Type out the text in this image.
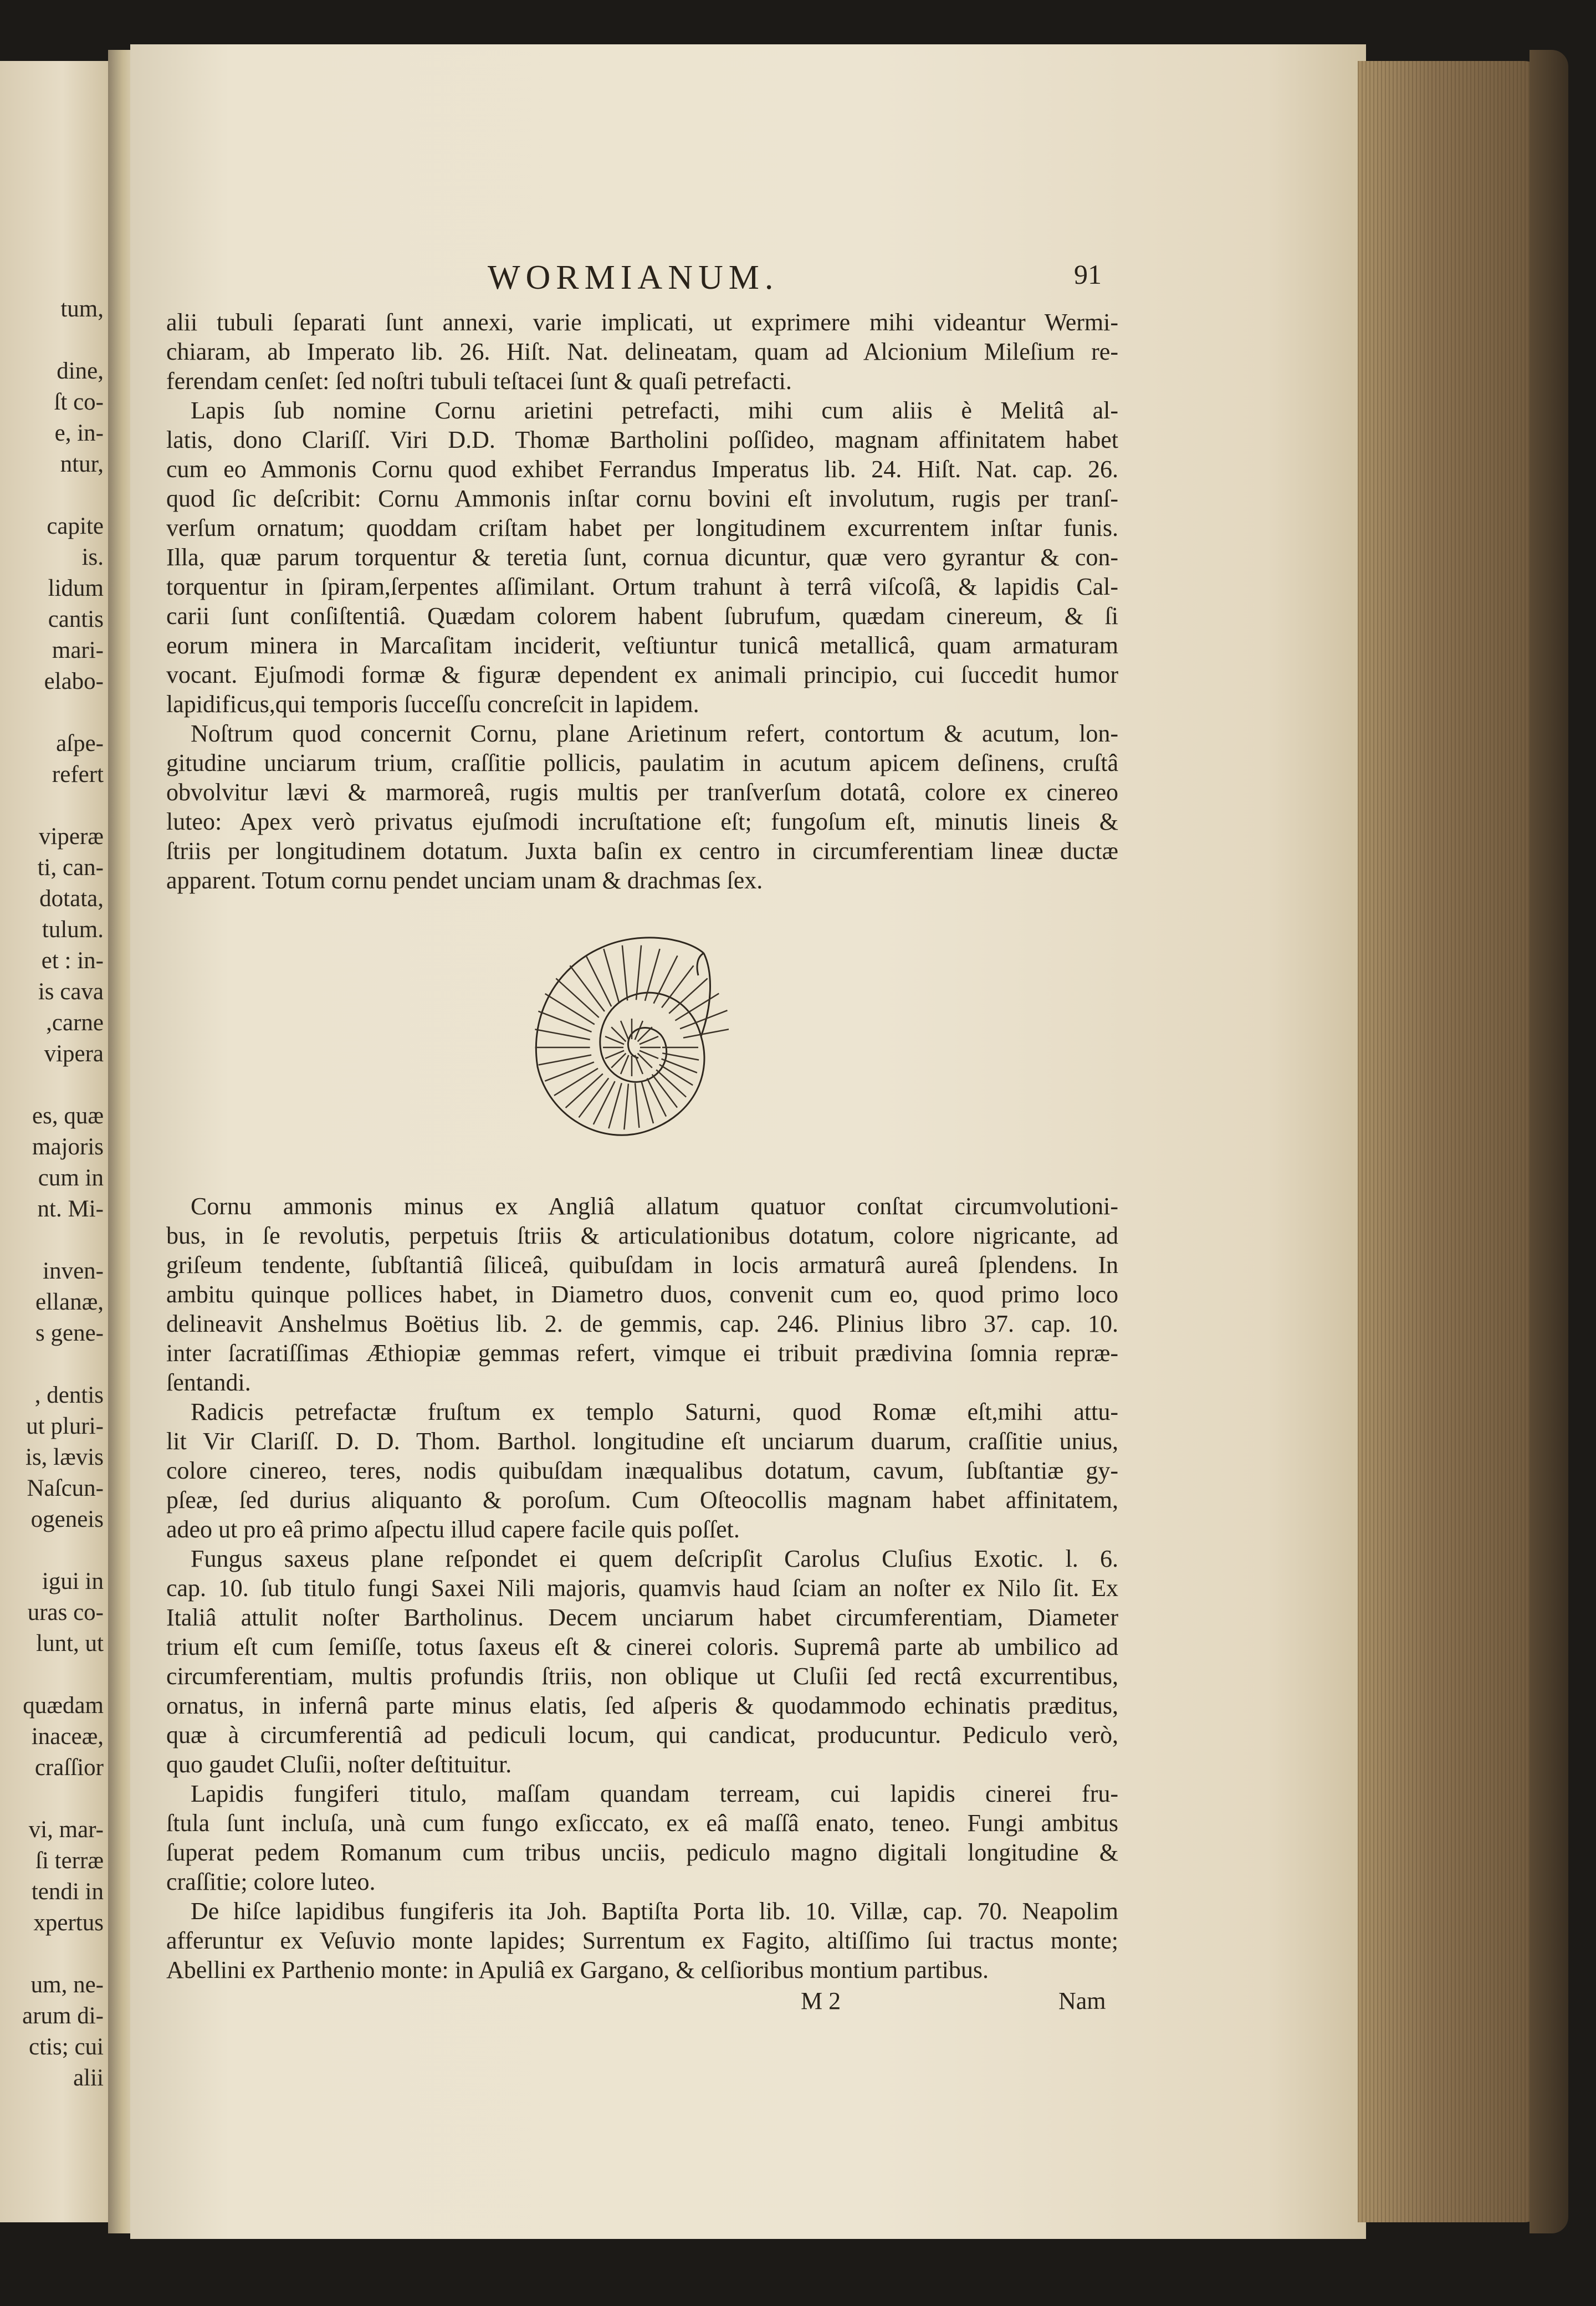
tum,
dine,
ſt co-
e, in-
ntur,
capite
is.
lidum
cantis
mari-
elabo-
aſpe-
refert
viperæ
ti, can-
dotata,
tulum.
et : in-
is cava
,carne
vipera
es, quæ
majoris
cum in
nt. Mi-
inven-
ellanæ,
s gene-
, dentis
ut pluri-
is, lævis
Naſcun-
ogeneis
igui in
uras co-
lunt, ut
quædam
inaceæ,
craſſior
vi, mar-
ſi terræ
tendi in
xpertus
um, ne-
arum di-
ctis; cui
alii
WORMIANUM.	91
alii tubuli ſeparati ſunt annexi, varie implicati, ut exprimere mihi videantur Wermi-
chiaram, ab Imperato lib. 26. Hiſt. Nat. delineatam, quam ad Alcionium Mileſium re-
ferendam cenſet: ſed noſtri tubuli teſtacei ſunt & quaſi petrefacti.
Lapis ſub nomine Cornu arietini petrefacti, mihi cum aliis è Melitâ al-
latis, dono Clariſſ. Viri D.D. Thomæ Bartholini poſſideo, magnam affinitatem habet
cum eo Ammonis Cornu quod exhibet Ferrandus Imperatus lib. 24. Hiſt. Nat. cap. 26.
quod ſic deſcribit: Cornu Ammonis inſtar cornu bovini eſt involutum, rugis per tranſ-
verſum ornatum; quoddam criſtam habet per longitudinem excurrentem inſtar funis.
Illa, quæ parum torquentur & teretia ſunt, cornua dicuntur, quæ vero gyrantur & con-
torquentur in ſpiram,ſerpentes aſſimilant. Ortum trahunt à terrâ viſcoſâ, & lapidis Cal-
carii ſunt conſiſtentiâ. Quædam colorem habent ſubrufum, quædam cinereum, & ſi
eorum minera in Marcaſitam inciderit, veſtiuntur tunicâ metallicâ, quam armaturam
vocant. Ejuſmodi formæ & figuræ dependent ex animali principio, cui ſuccedit humor
lapidificus,qui temporis ſucceſſu concreſcit in lapidem.
Noſtrum quod concernit Cornu, plane Arietinum refert, contortum & acutum, lon-
gitudine unciarum trium, craſſitie pollicis, paulatim in acutum apicem deſinens, cruſtâ
obvolvitur lævi & marmoreâ, rugis multis per tranſverſum dotatâ, colore ex cinereo
luteo: Apex verò privatus ejuſmodi incruſtatione eſt; fungoſum eſt, minutis lineis &
ſtriis per longitudinem dotatum. Juxta baſin ex centro in circumferentiam lineæ ductæ
apparent. Totum cornu pendet unciam unam & drachmas ſex.
Cornu ammonis minus ex Angliâ allatum quatuor conſtat circumvolutioni-
bus, in ſe revolutis, perpetuis ſtriis & articulationibus dotatum, colore nigricante, ad
griſeum tendente, ſubſtantiâ ſiliceâ, quibuſdam in locis armaturâ aureâ ſplendens. In
ambitu quinque pollices habet, in Diametro duos, convenit cum eo, quod primo loco
delineavit Anshelmus Boëtius lib. 2. de gemmis, cap. 246. Plinius libro 37. cap. 10.
inter ſacratiſſimas Æthiopiæ gemmas refert, vimque ei tribuit prædivina ſomnia repræ-
ſentandi.
Radicis petrefactæ fruſtum ex templo Saturni, quod Romæ eſt,mihi attu-
lit Vir Clariſſ. D. D. Thom. Barthol. longitudine eſt unciarum duarum, craſſitie unius,
colore cinereo, teres, nodis quibuſdam inæqualibus dotatum, cavum, ſubſtantiæ gy-
pſeæ, ſed durius aliquanto & poroſum. Cum Oſteocollis magnam habet affinitatem,
adeo ut pro eâ primo aſpectu illud capere facile quis poſſet.
Fungus saxeus plane reſpondet ei quem deſcripſit Carolus Cluſius Exotic. l. 6.
cap. 10. ſub titulo fungi Saxei Nili majoris, quamvis haud ſciam an noſter ex Nilo ſit. Ex
Italiâ attulit noſter Bartholinus. Decem unciarum habet circumferentiam, Diameter
trium eſt cum ſemiſſe, totus ſaxeus eſt & cinerei coloris. Supremâ parte ab umbilico ad
circumferentiam, multis profundis ſtriis, non oblique ut Cluſii ſed rectâ excurrentibus,
ornatus, in infernâ parte minus elatis, ſed aſperis & quodammodo echinatis præditus,
quæ à circumferentiâ ad pediculi locum, qui candicat, producuntur. Pediculo verò,
quo gaudet Cluſii, noſter deſtituitur.
Lapidis fungiferi titulo, maſſam quandam terream, cui lapidis cinerei fru-
ſtula ſunt incluſa, unà cum fungo exſiccato, ex eâ maſſâ enato, teneo. Fungi ambitus
ſuperat pedem Romanum cum tribus unciis, pediculo magno digitali longitudine &
craſſitie; colore luteo.
De hiſce lapidibus fungiferis ita Joh. Baptiſta Porta lib. 10. Villæ, cap. 70. Neapolim
afferuntur ex Veſuvio monte lapides; Surrentum ex Fagito, altiſſimo ſui tractus monte;
Abellini ex Parthenio monte: in Apuliâ ex Gargano, & celſioribus montium partibus.
M 2	Nam
